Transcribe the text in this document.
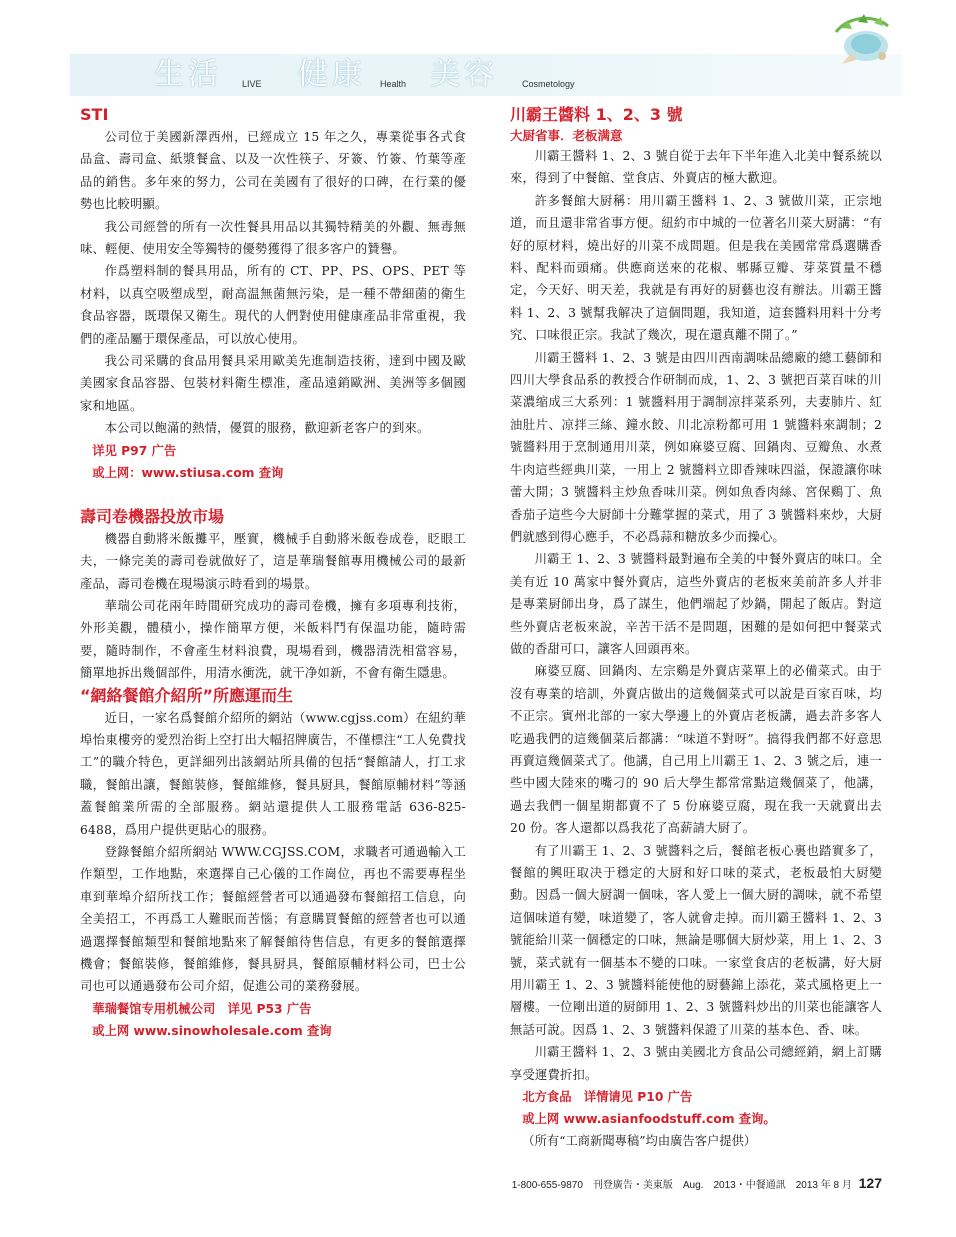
生活 LIVE 健康 Health 美容	Cosmetology
STI

公司位于美國新澤西州，已經成立 15 年之久，專業從事各式食品盒、壽司盒、紙漿餐盒、以及一次性筷子、牙簽、竹簽、竹葉等產品的銷售。多年來的努力，公司在美國有了很好的口碑，在行業的優勢也比較明顯。

我公司經營的所有一次性餐具用品以其獨特精美的外觀、無毒無味、輕便、使用安全等獨特的優勢獲得了很多客户的贊譽。

作爲塑料制的餐具用品，所有的 CT、PP、PS、OPS、PET 等材料，以真空吸塑成型，耐高温無菌無污染，是一種不帶細菌的衛生食品容器，既環保又衛生。現代的人們對使用健康產品非常重視，我們的產品屬于環保產品，可以放心使用。

我公司采購的食品用餐具采用歐美先進制造技術，達到中國及歐美國家食品容器、包裝材料衛生標准，產品遠銷歐洲、美洲等多個國家和地區。

本公司以飽滿的熱情，優質的服務，歡迎新老客户的到來。

详见 P97 广告

或上网：www.stiusa.com 查询

壽司卷機器投放市場

機器自動將米飯攤平，壓實，機械手自動將米飯卷成卷，眨眼工夫，一條完美的壽司卷就做好了，這是華瑞餐館專用機械公司的最新產品，壽司卷機在現場演示時看到的場景。

華瑞公司花兩年時間研究成功的壽司卷機，擁有多項專利技術，外形美觀，體積小，操作簡單方便，米飯料鬥有保温功能，隨時需要，隨時制作，不會產生材料浪費，現場看到，機器清洗相當容易，簡單地拆出幾個部件，用清水衝洗，就干净如新，不會有衛生隱患。

“網絡餐館介紹所”所應運而生

近日，一家名爲餐館介紹所的網站（www.cgjss.com）在紐約華埠怡東樓旁的愛烈治街上空打出大幅招牌廣告，不僅標注“工人免費找工”的職介特色，更詳細列出該網站所具備的包括“餐館請人，打工求職，餐館出讓，餐館裝修，餐館維修，餐具厨具，餐館原輔材料”等涵蓋餐館業所需的全部服務。網站還提供人工服務電話 636-825-6488，爲用户提供更貼心的服務。

登錄餐館介紹所網站 WWW.CGJSS.COM，求職者可通過輸入工作類型，工作地點，來選擇自己心儀的工作崗位，再也不需要專程坐車到華埠介紹所找工作；餐館經營者可以通過發布餐館招工信息，向全美招工，不再爲工人難眠而苦惱；有意購買餐館的經營者也可以通過選擇餐館類型和餐館地點來了解餐館待售信息，有更多的餐館選擇機會；餐館裝修，餐館維修，餐具厨具，餐館原輔材料公司，巴士公司也可以通過發布公司介紹，促進公司的業務發展。

華瑞餐馆专用机械公司　详见 P53 广告

或上网 www.sinowholesale.com 查询

川霸王醬料 1、2、3 號
大厨省事．老板满意

川霸王醬料 1、2、3 號自從于去年下半年進入北美中餐系統以來，得到了中餐館、堂食店、外賣店的極大歡迎。

許多餐館大厨稱：用川霸王醬料 1、2、3 號做川菜，正宗地道，而且還非常省事方便。紐約市中城的一位著名川菜大厨講：“有好的原材料，燒出好的川菜不成問題。但是我在美國常常爲選購香料、配料而頭痛。供應商送來的花椒、郫縣豆瓣、芽菜質量不穩定，今天好、明天差，我就是有再好的厨藝也沒有辦法。川霸王醬料 1、2、3 號幫我解决了這個問題，我知道，這套醬料用料十分考究、口味很正宗。我試了幾次，現在還真離不開了。”

川霸王醬料 1、2、3 號是由四川西南調味品總廠的總工藝師和四川大學食品系的教授合作研制而成，1、2、3 號把百菜百味的川菜濃缩成三大系列：1 號醬料用于調制凉拌菜系列，夫妻肺片、紅油肚片、凉拌三絲、鐘水餃、川北凉粉都可用 1 號醬料來調制；2 號醬料用于烹制通用川菜，例如麻婆豆腐、回鍋肉、豆瓣魚、水煮牛肉這些經典川菜，一用上 2 號醬料立即香辣味四溢，保證讓你味蕾大開；3 號醬料主炒魚香味川菜。例如魚香肉絲、宮保鷄丁、魚香茄子這些今大厨師十分難掌握的菜式，用了 3 號醬料來炒，大厨們就感到得心應手，不必爲蒜和糖放多少而操心。

川霸王 1、2、3 號醬料最對遍布全美的中餐外賣店的味口。全美有近 10 萬家中餐外賣店，這些外賣店的老板來美前許多人并非是專業厨師出身，爲了謀生，他們端起了炒鍋，開起了飯店。對這些外賣店老板來說，辛苦干活不是問題，困難的是如何把中餐菜式做的香甜可口，讓客人回頭再來。

麻婆豆腐、回鍋肉、左宗鷄是外賣店菜單上的必備菜式。由于沒有專業的培訓，外賣店做出的這幾個菜式可以說是百家百味，均不正宗。賓州北部的一家大學邊上的外賣店老板講，過去許多客人吃過我們的這幾個菜后都講：“味道不對呀”。搞得我們都不好意思再賣這幾個菜式了。他講，自己用上川霸王 1、2、3 號之后，連一些中國大陸來的嘴刁的 90 后大學生都常常點這幾個菜了，他講，過去我們一個星期都賣不了 5 份麻婆豆腐，現在我一天就賣出去 20 份。客人還都以爲我花了高薪請大厨了。

有了川霸王 1、2、3 號醬料之后，餐館老板心裏也踏實多了，餐館的興旺取决于穩定的大厨和好口味的菜式，老板最怕大厨變動。因爲一個大厨調一個味，客人愛上一個大厨的調味，就不希望這個味道有變，味道變了，客人就會走掉。而川霸王醬料 1、2、3 號能給川菜一個穩定的口味，無論是哪個大厨炒菜，用上 1、2、3 號，菜式就有一個基本不變的口味。一家堂食店的老板講，好大厨用川霸王 1、2、3 號醬料能使他的厨藝錦上添花，菜式風格更上一層樓。一位剛出道的厨師用 1、2、3 號醬料炒出的川菜也能讓客人無話可說。因爲 1、2、3 號醬料保證了川菜的基本色、香、味。

川霸王醬料 1、2、3 號由美國北方食品公司總經銷，網上訂購享受運費折扣。

北方食品　详情请见 P10 广告

或上网 www.asianfoodstuff.com 查询。

（所有“工商新聞專稿”均由廣告客户提供）

1-800-655-9870　刊登廣告・美東版　Aug.　2013・中餐通訊　2013 年 8 月 127
